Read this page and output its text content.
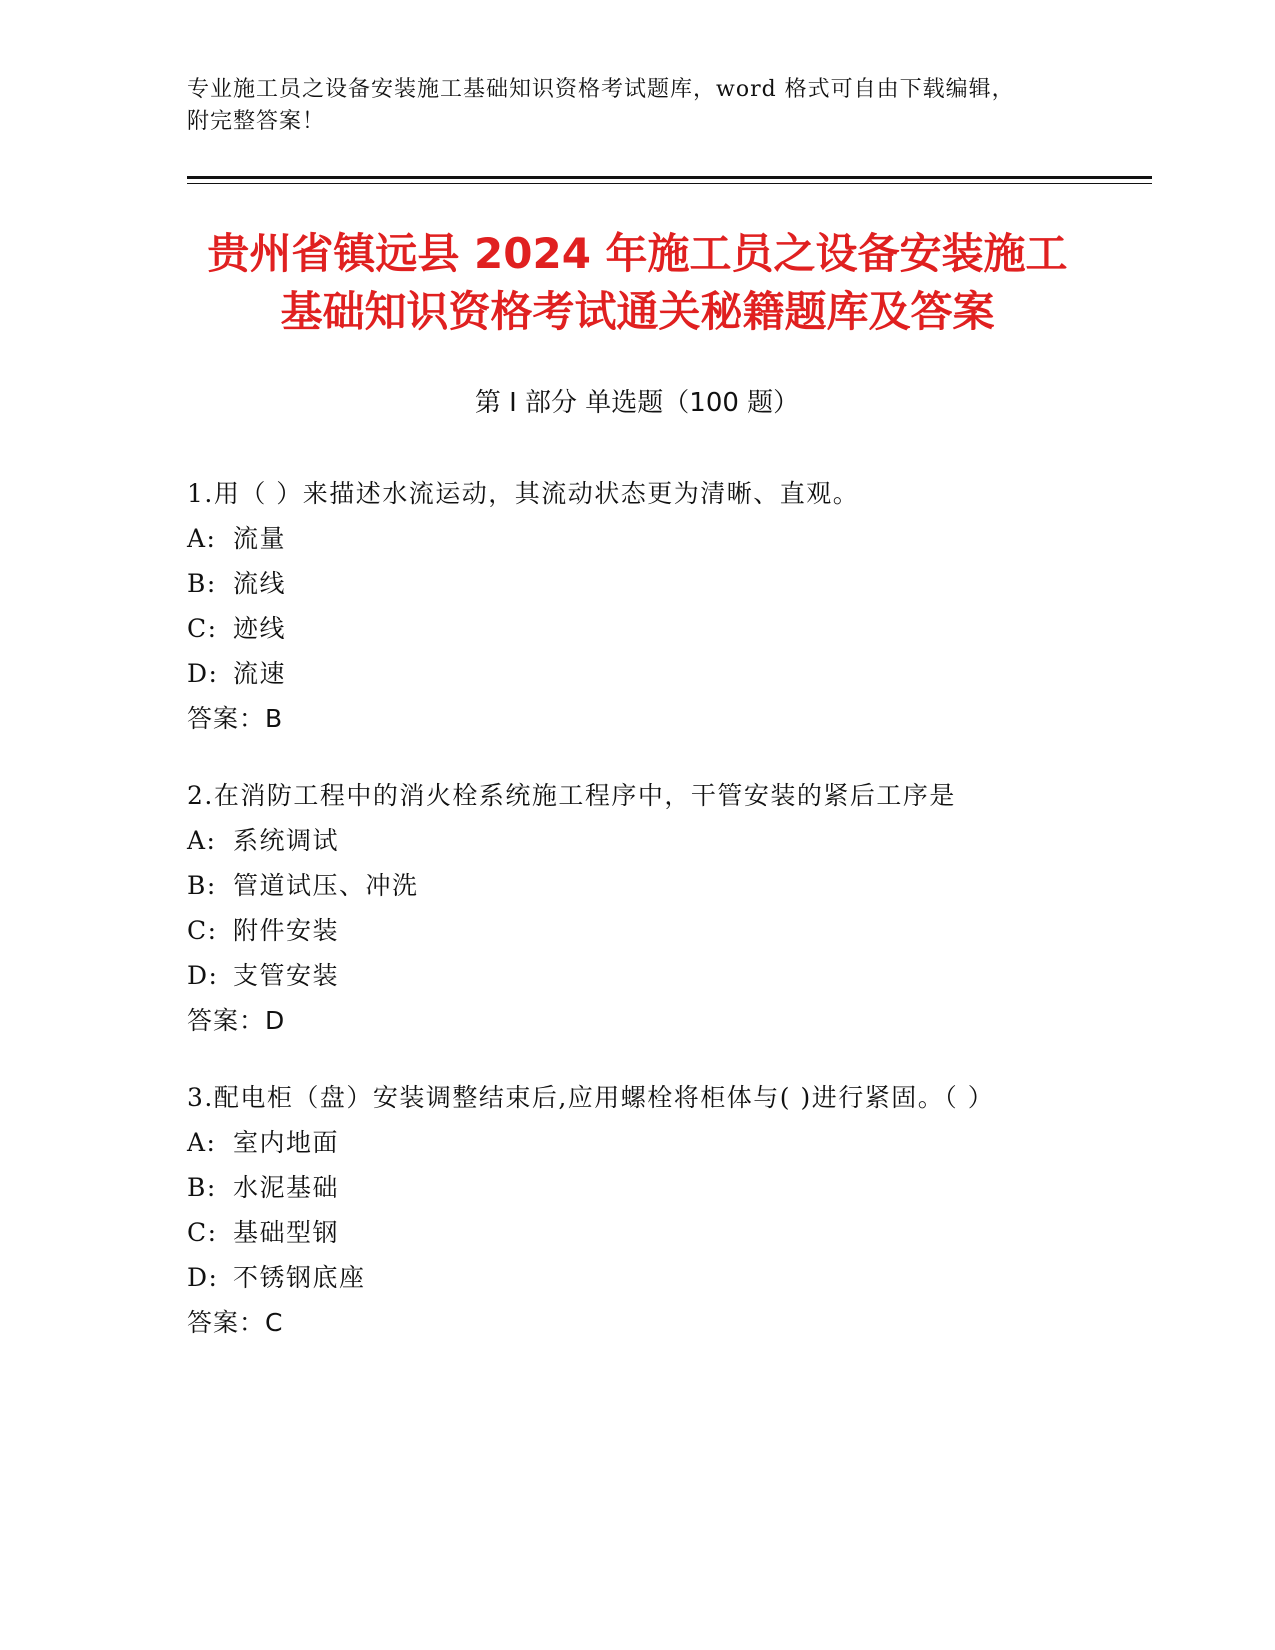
专业施工员之设备安装施工基础知识资格考试题库，word 格式可自由下载编辑，
附完整答案！
贵州省镇远县 2024 年施工员之设备安装施工
基础知识资格考试通关秘籍题库及答案
第 I 部分 单选题（100 题）
1.用（ ）来描述水流运动，其流动状态更为清晰、直观。
A: 流量
B: 流线
C: 迹线
D: 流速
答案：B
2.在消防工程中的消火栓系统施工程序中，干管安装的紧后工序是
A: 系统调试
B: 管道试压、冲洗
C: 附件安装
D: 支管安装
答案：D
3.配电柜（盘）安装调整结束后,应用螺栓将柜体与( )进行紧固。（ ）
A: 室内地面
B: 水泥基础
C: 基础型钢
D: 不锈钢底座
答案：C
